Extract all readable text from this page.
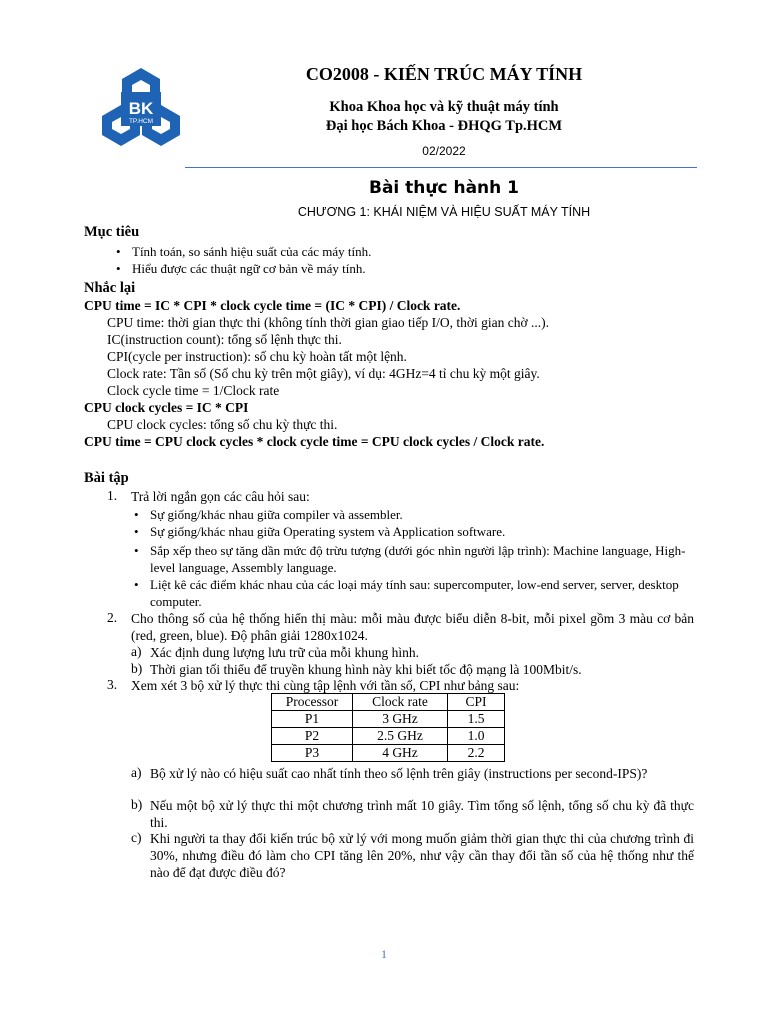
BK
TP.HCM
CO2008 - KIẾN TRÚC MÁY TÍNH
Khoa Khoa học và kỹ thuật máy tính
Đại học Bách Khoa - ĐHQG Tp.HCM
02/2022
Bài thực hành 1
CHƯƠNG 1: KHÁI NIỆM VÀ HIỆU SUẤT MÁY TÍNH
Mục tiêu
• Tính toán, so sánh hiệu suất của các máy tính.
• Hiểu được các thuật ngữ cơ bản về máy tính.
Nhắc lại
CPU time = IC * CPI * clock cycle time = (IC * CPI) / Clock rate.
CPU time: thời gian thực thi (không tính thời gian giao tiếp I/O, thời gian chờ ...).
IC(instruction count): tổng số lệnh thực thi.
CPI(cycle per instruction): số chu kỳ hoàn tất một lệnh.
Clock rate: Tần số (Số chu kỳ trên một giây), ví dụ: 4GHz=4 tỉ chu kỳ một giây.
Clock cycle time = 1/Clock rate
CPU clock cycles = IC * CPI
CPU clock cycles: tổng số chu kỳ thực thi.
CPU time = CPU clock cycles * clock cycle time = CPU clock cycles / Clock rate.
Bài tập
1. Trả lời ngắn gọn các câu hỏi sau:
• Sự giống/khác nhau giữa compiler và assembler.
• Sự giống/khác nhau giữa Operating system và Application software.
• Sắp xếp theo sự tăng dần mức độ trừu tượng (dưới góc nhìn người lập trình): Machine language, High-level language, Assembly language.
• Liệt kê các điểm khác nhau của các loại máy tính sau: supercomputer, low-end server, server, desktop computer.
2. Cho thông số của hệ thống hiển thị màu: mỗi màu được biểu diễn 8-bit, mỗi pixel gồm 3 màu cơ bản (red, green, blue). Độ phân giải 1280x1024.
a) Xác định dung lượng lưu trữ của mỗi khung hình.
b) Thời gian tối thiểu để truyền khung hình này khi biết tốc độ mạng là 100Mbit/s.
3. Xem xét 3 bộ xử lý thực thi cùng tập lệnh với tần số, CPI như bảng sau:
Processor	Clock rate	CPI
P1	3 GHz	1.5
P2	2.5 GHz	1.0
P3	4 GHz	2.2
a) Bộ xử lý nào có hiệu suất cao nhất tính theo số lệnh trên giây (instructions per second-IPS)?
b) Nếu một bộ xử lý thực thi một chương trình mất 10 giây. Tìm tổng số lệnh, tổng số chu kỳ đã thực thi.
c) Khi người ta thay đổi kiến trúc bộ xử lý với mong muốn giảm thời gian thực thi của chương trình đi 30%, nhưng điều đó làm cho CPI tăng lên 20%, như vậy cần thay đổi tần số của hệ thống như thế nào để đạt được điều đó?
1
